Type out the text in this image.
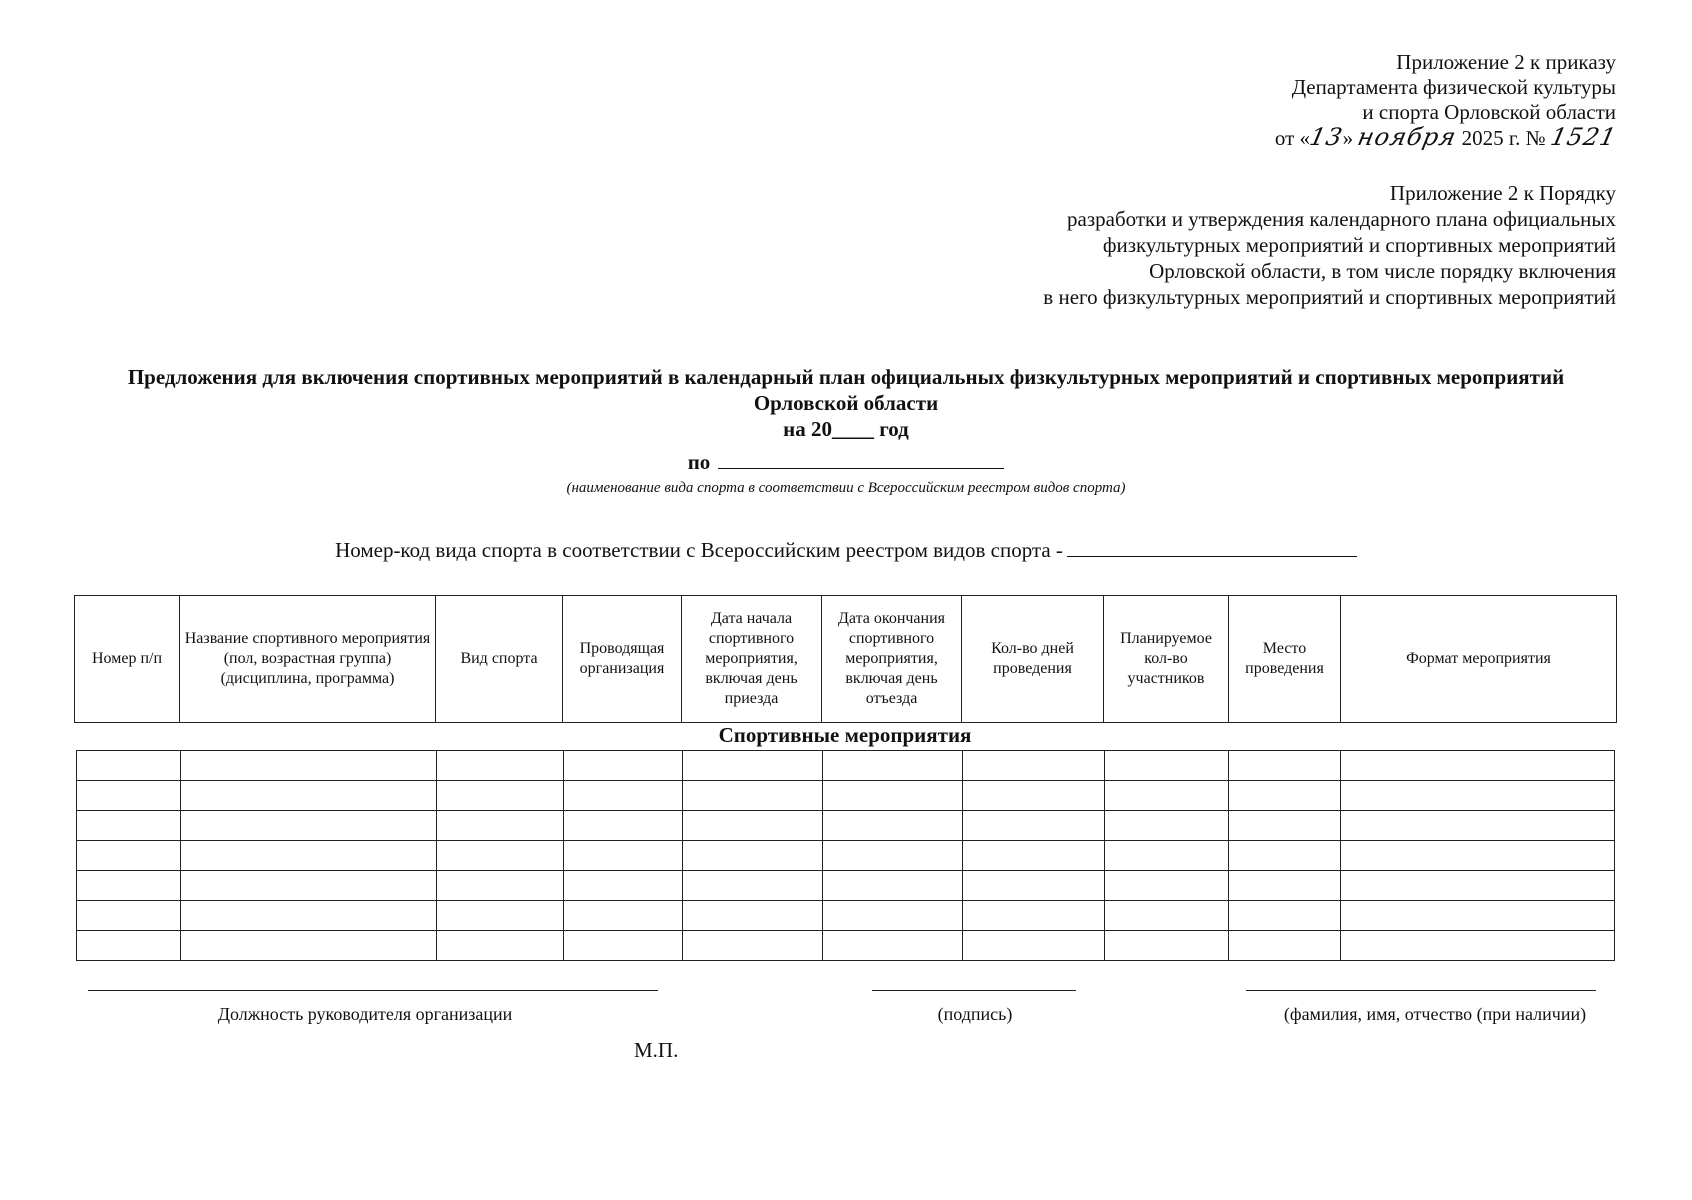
Приложение 2 к приказу
Департамента физической культуры
и спорта Орловской области
от «13» ноября 2025 г. № 1521
Приложение 2 к Порядку
разработки и утверждения календарного плана официальных
физкультурных мероприятий и спортивных мероприятий
Орловской области, в том числе порядку включения
в него физкультурных мероприятий и спортивных мероприятий
Предложения для включения спортивных мероприятий в календарный план официальных физкультурных мероприятий и спортивных мероприятий
Орловской области
на 20____ год
по
(наименование вида спорта в соответствии с Всероссийским реестром видов спорта)
Номер-код вида спорта в соответствии с Всероссийским реестром видов спорта -
Номер п/п	Название спортивного мероприятия (пол, возрастная группа) (дисциплина, программа)	Вид спорта	Проводящая организация	Дата начала спортивного мероприятия, включая день приезда	Дата окончания спортивного мероприятия, включая день отъезда	Кол-во дней проведения	Планируемое кол-во участников	Место проведения	Формат мероприятия
Спортивные мероприятия

Должность руководителя организации	(подпись)	(фамилия, имя, отчество (при наличии)
М.П.
